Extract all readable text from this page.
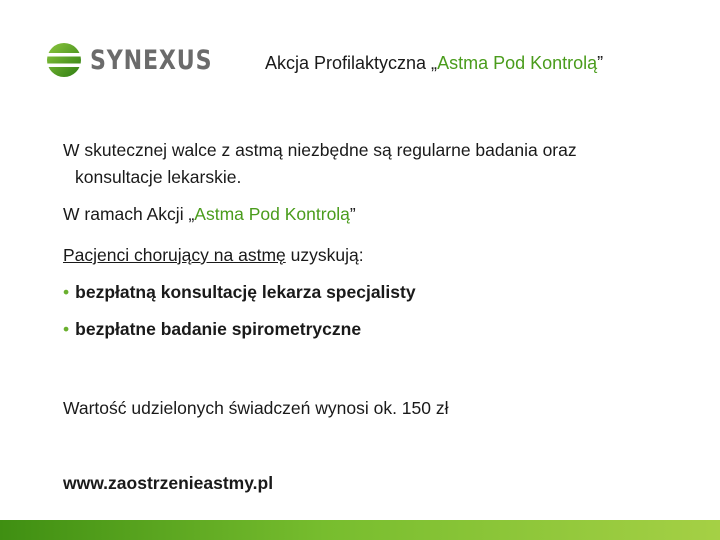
SYNEXUS	Akcja Profilaktyczna „Astma Pod Kontrolą”
W skutecznej walce z astmą niezbędne są regularne badania oraz
konsultacje lekarskie.
W ramach Akcji „Astma Pod Kontrolą”
Pacjenci chorujący na astmę uzyskują:
• bezpłatną konsultację lekarza specjalisty
• bezpłatne badanie spirometryczne
Wartość udzielonych świadczeń wynosi ok. 150 zł
www.zaostrzenieastmy.pl
